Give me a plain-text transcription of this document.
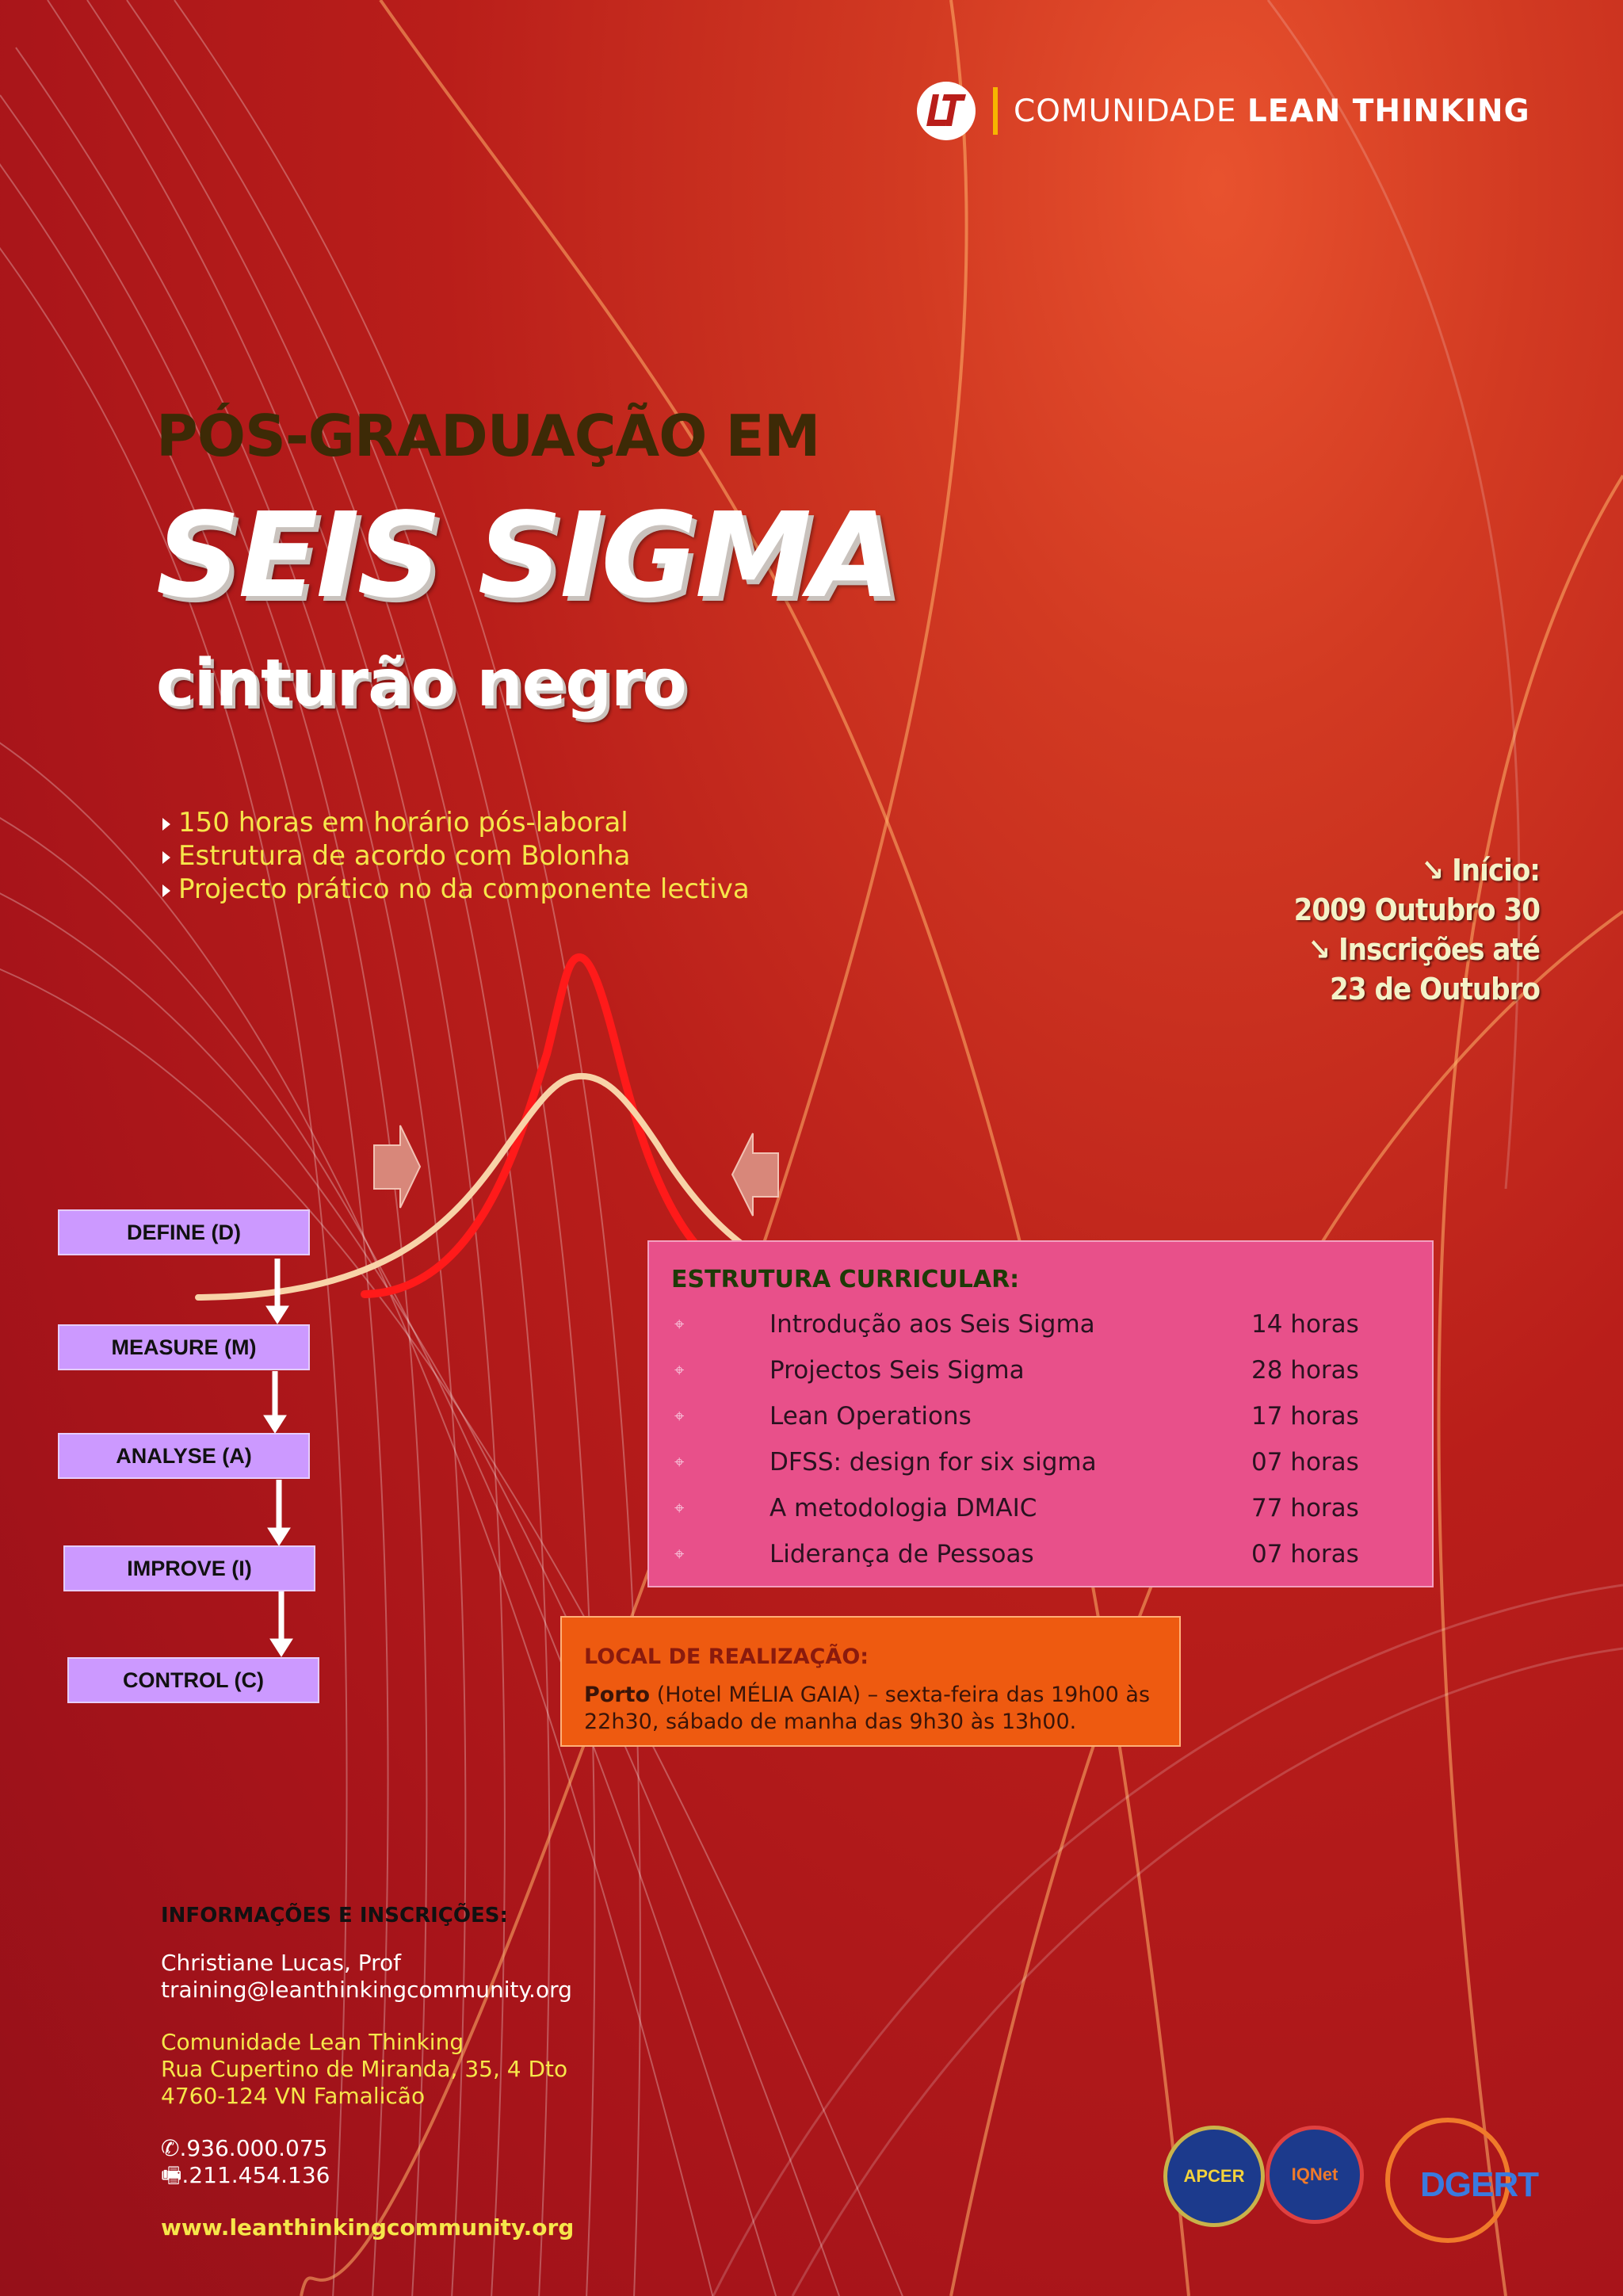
COMUNIDADE LEAN THINKING
PÓS-GRADUAÇÃO EM
SEIS SIGMA
cinturão negro
150 horas em horário pós-laboral
Estrutura de acordo com Bolonha
Projecto prático no da componente lectiva
↘ Início:
2009 Outubro 30
↘ Inscrições até
23 de Outubro
DEFINE (D)
MEASURE (M)
ANALYSE (A)
IMPROVE (I)
CONTROL (C)
ESTRUTURA CURRICULAR:
⌖	Introdução aos Seis Sigma	14 horas
⌖	Projectos Seis Sigma	28 horas
⌖	Lean Operations	17 horas
⌖	DFSS: design for six sigma	07 horas
⌖	A metodologia DMAIC	77 horas
⌖	Liderança de Pessoas	07 horas
LOCAL DE REALIZAÇÃO:
Porto (Hotel MÉLIA GAIA) – sexta-feira das 19h00 às 22h30, sábado de manha das 9h30 às 13h00.
INFORMAÇÕES E INSCRIÇÕES:
Christiane Lucas, Prof
training@leanthinkingcommunity.org
Comunidade Lean Thinking
Rua Cupertino de Miranda, 35, 4 Dto
4760-124 VN Famalicão
✆.936.000.075
🖷.211.454.136
www.leanthinkingcommunity.org
APCER	IQNet	DGERT
